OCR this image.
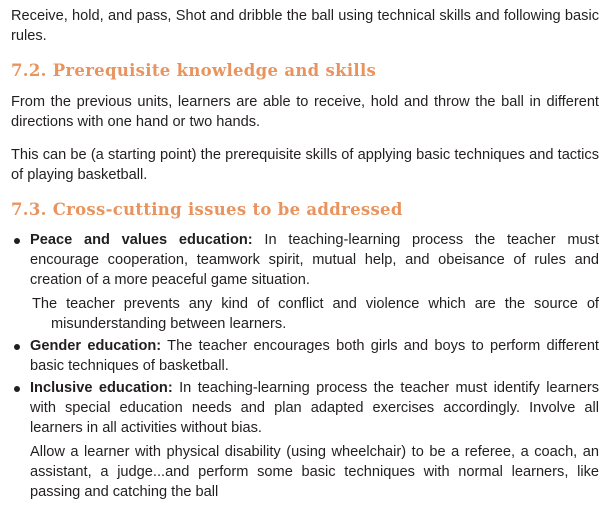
Receive, hold, and pass, Shot and dribble the ball using technical skills and following basic rules.

7.2. Prerequisite knowledge and skills

From the previous units, learners are able to receive, hold and throw the ball in different directions with one hand or two hands.

This can be (a starting point) the prerequisite skills of applying basic techniques and tactics of playing basketball.

7.3. Cross-cutting issues to be addressed
Peace and values education: In teaching-learning process the teacher must encourage cooperation, teamwork spirit, mutual help, and obeisance of rules and creation of a more peaceful game situation.

The teacher prevents any kind of conflict and violence which are the source of misunderstanding between learners.

Gender education: The teacher encourages both girls and boys to perform different basic techniques of basketball.
Inclusive education: In teaching-learning process the teacher must identify learners with special education needs and plan adapted exercises accordingly. Involve all learners in all activities without bias.

Allow a learner with physical disability (using wheelchair) to be a referee, a coach, an assistant, a judge...and perform some basic techniques with normal learners, like passing and catching the ball
